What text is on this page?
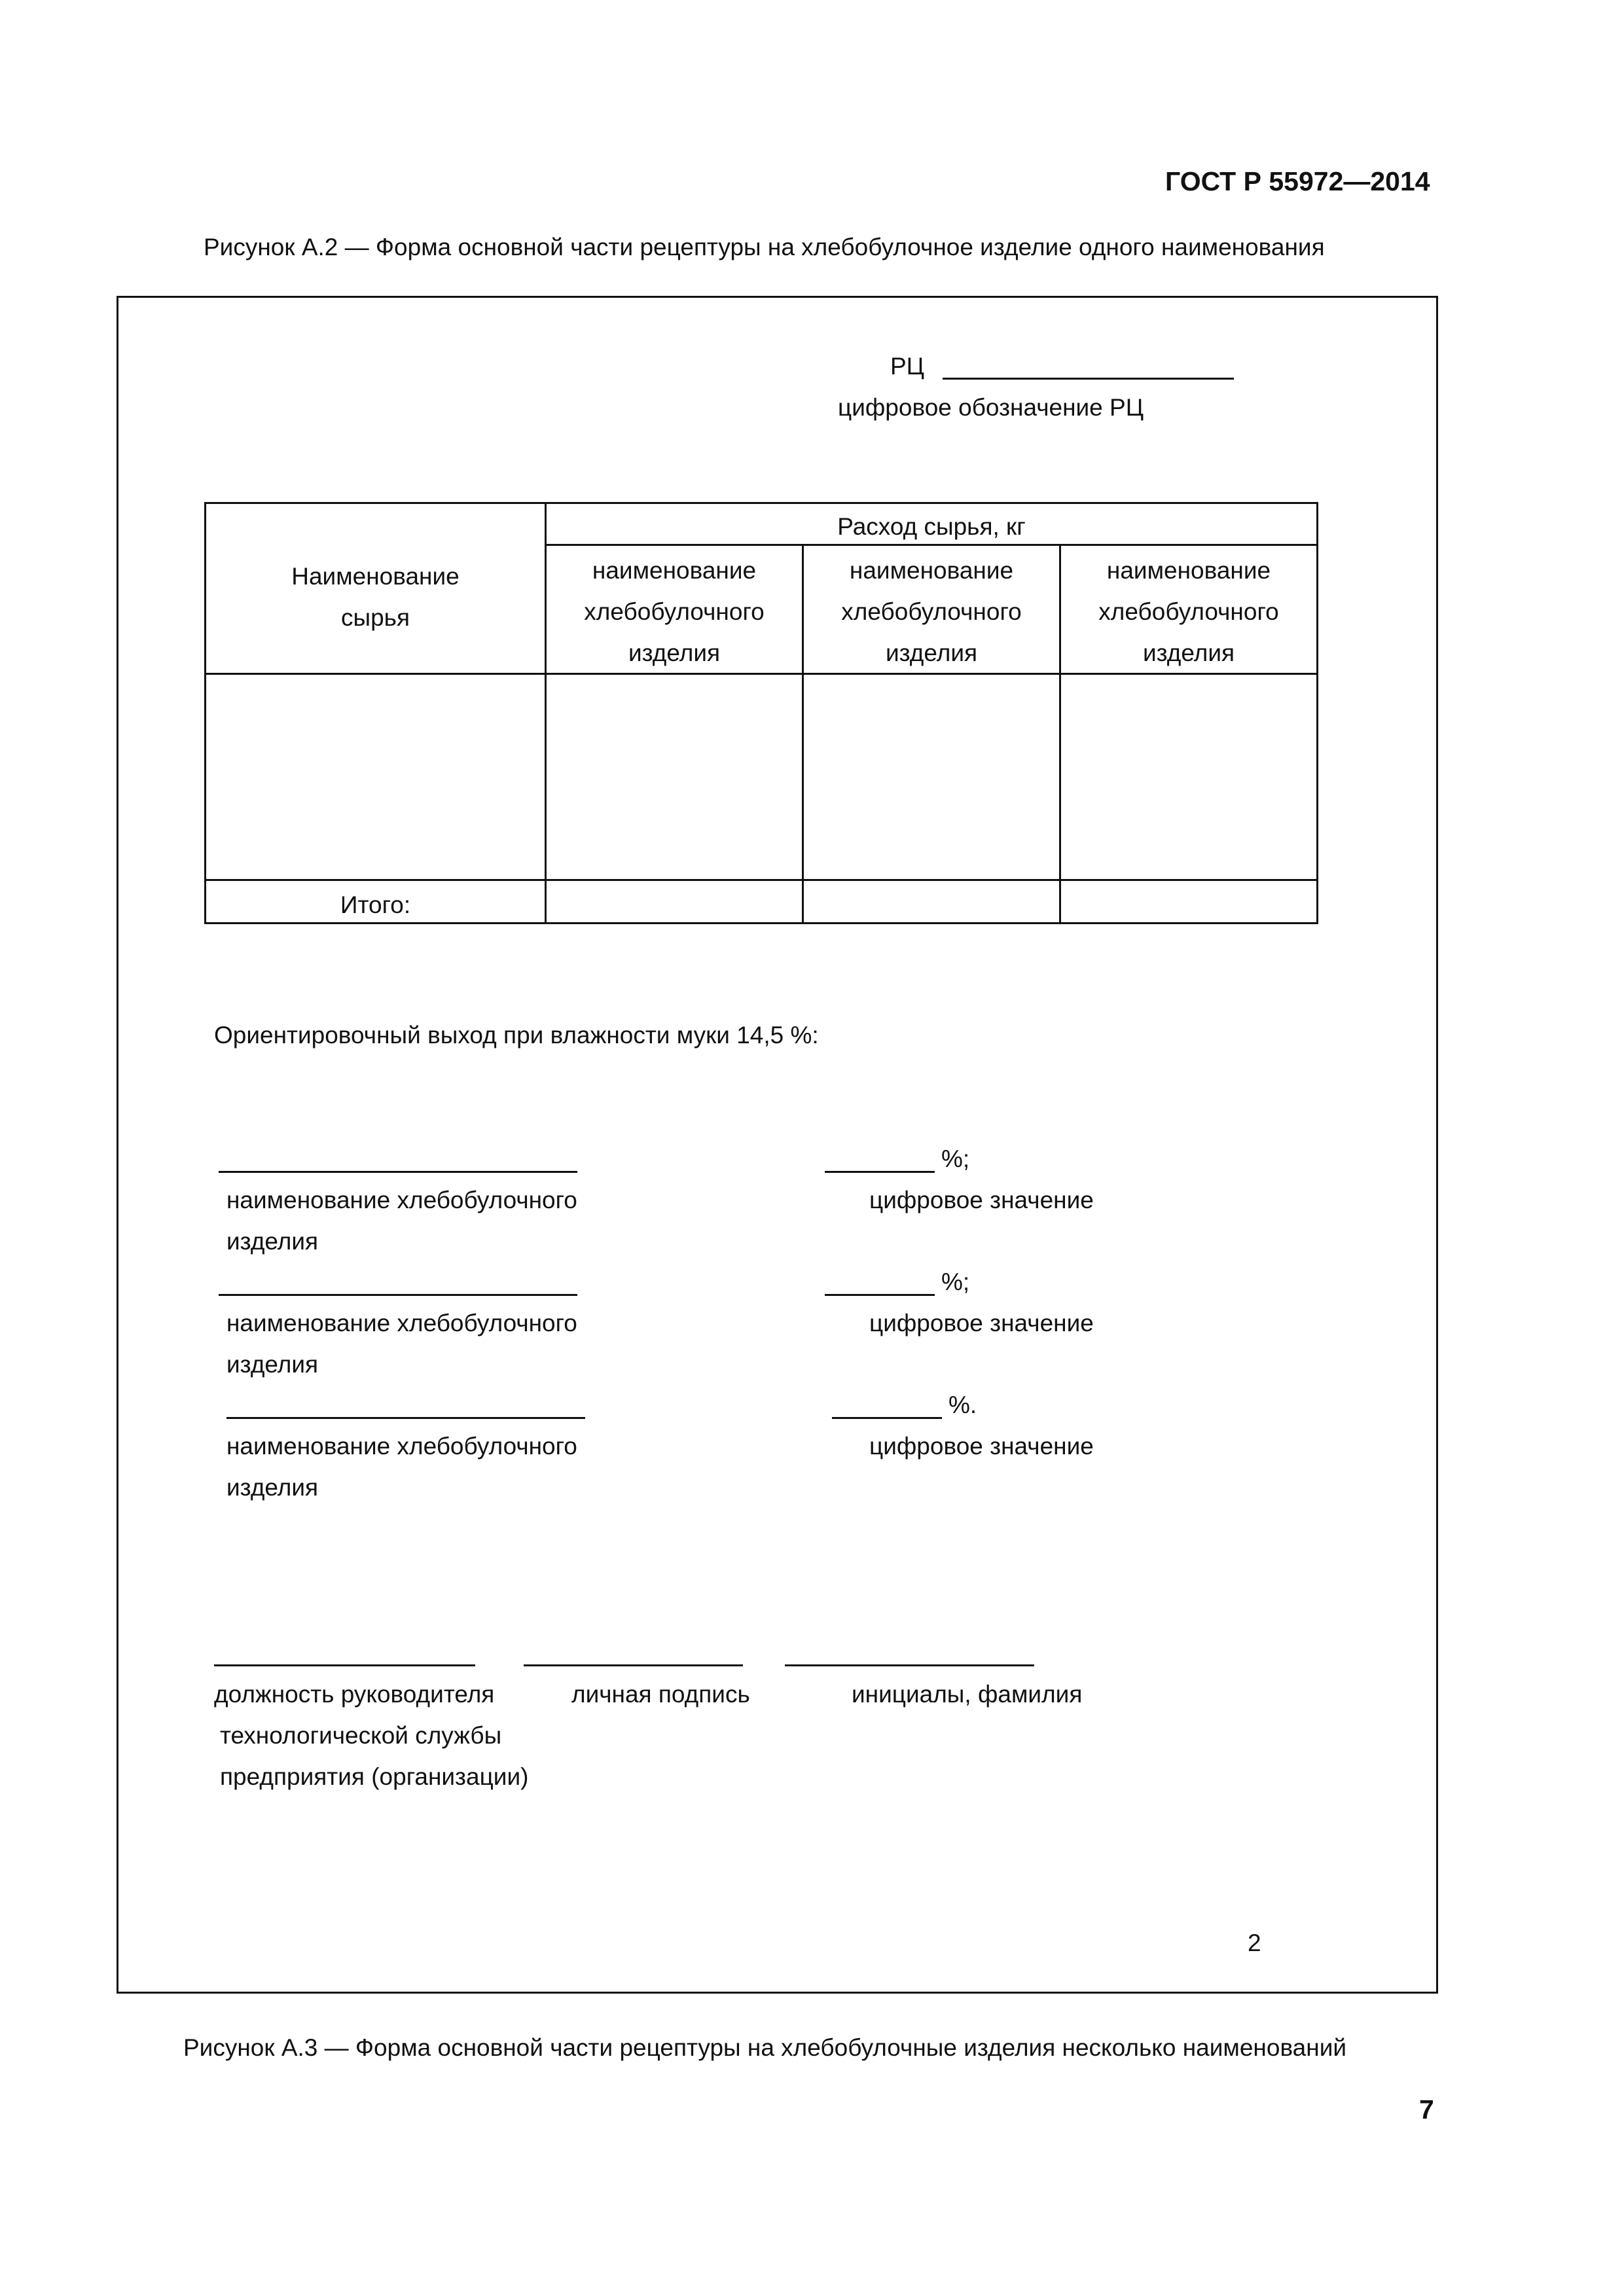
ГОСТ Р 55972—2014
Рисунок А.2 — Форма основной части рецептуры на хлебобулочное изделие одного наименования
РЦ
цифровое обозначение РЦ
Наименование
сырья
Расход сырья, кг
наименование
хлебобулочного
изделия
наименование
хлебобулочного
изделия
наименование
хлебобулочного
изделия
Итого:
Ориентировочный выход при влажности муки 14,5 %:
%;
наименование хлебобулочного
изделия
цифровое значение
%;
наименование хлебобулочного
изделия
цифровое значение
%.
наименование хлебобулочного
изделия
цифровое значение
должность руководителя
технологической службы
предприятия (организации)
личная подпись	инициалы, фамилия
2
Рисунок А.3 — Форма основной части рецептуры на хлебобулочные изделия несколько наименований
7
